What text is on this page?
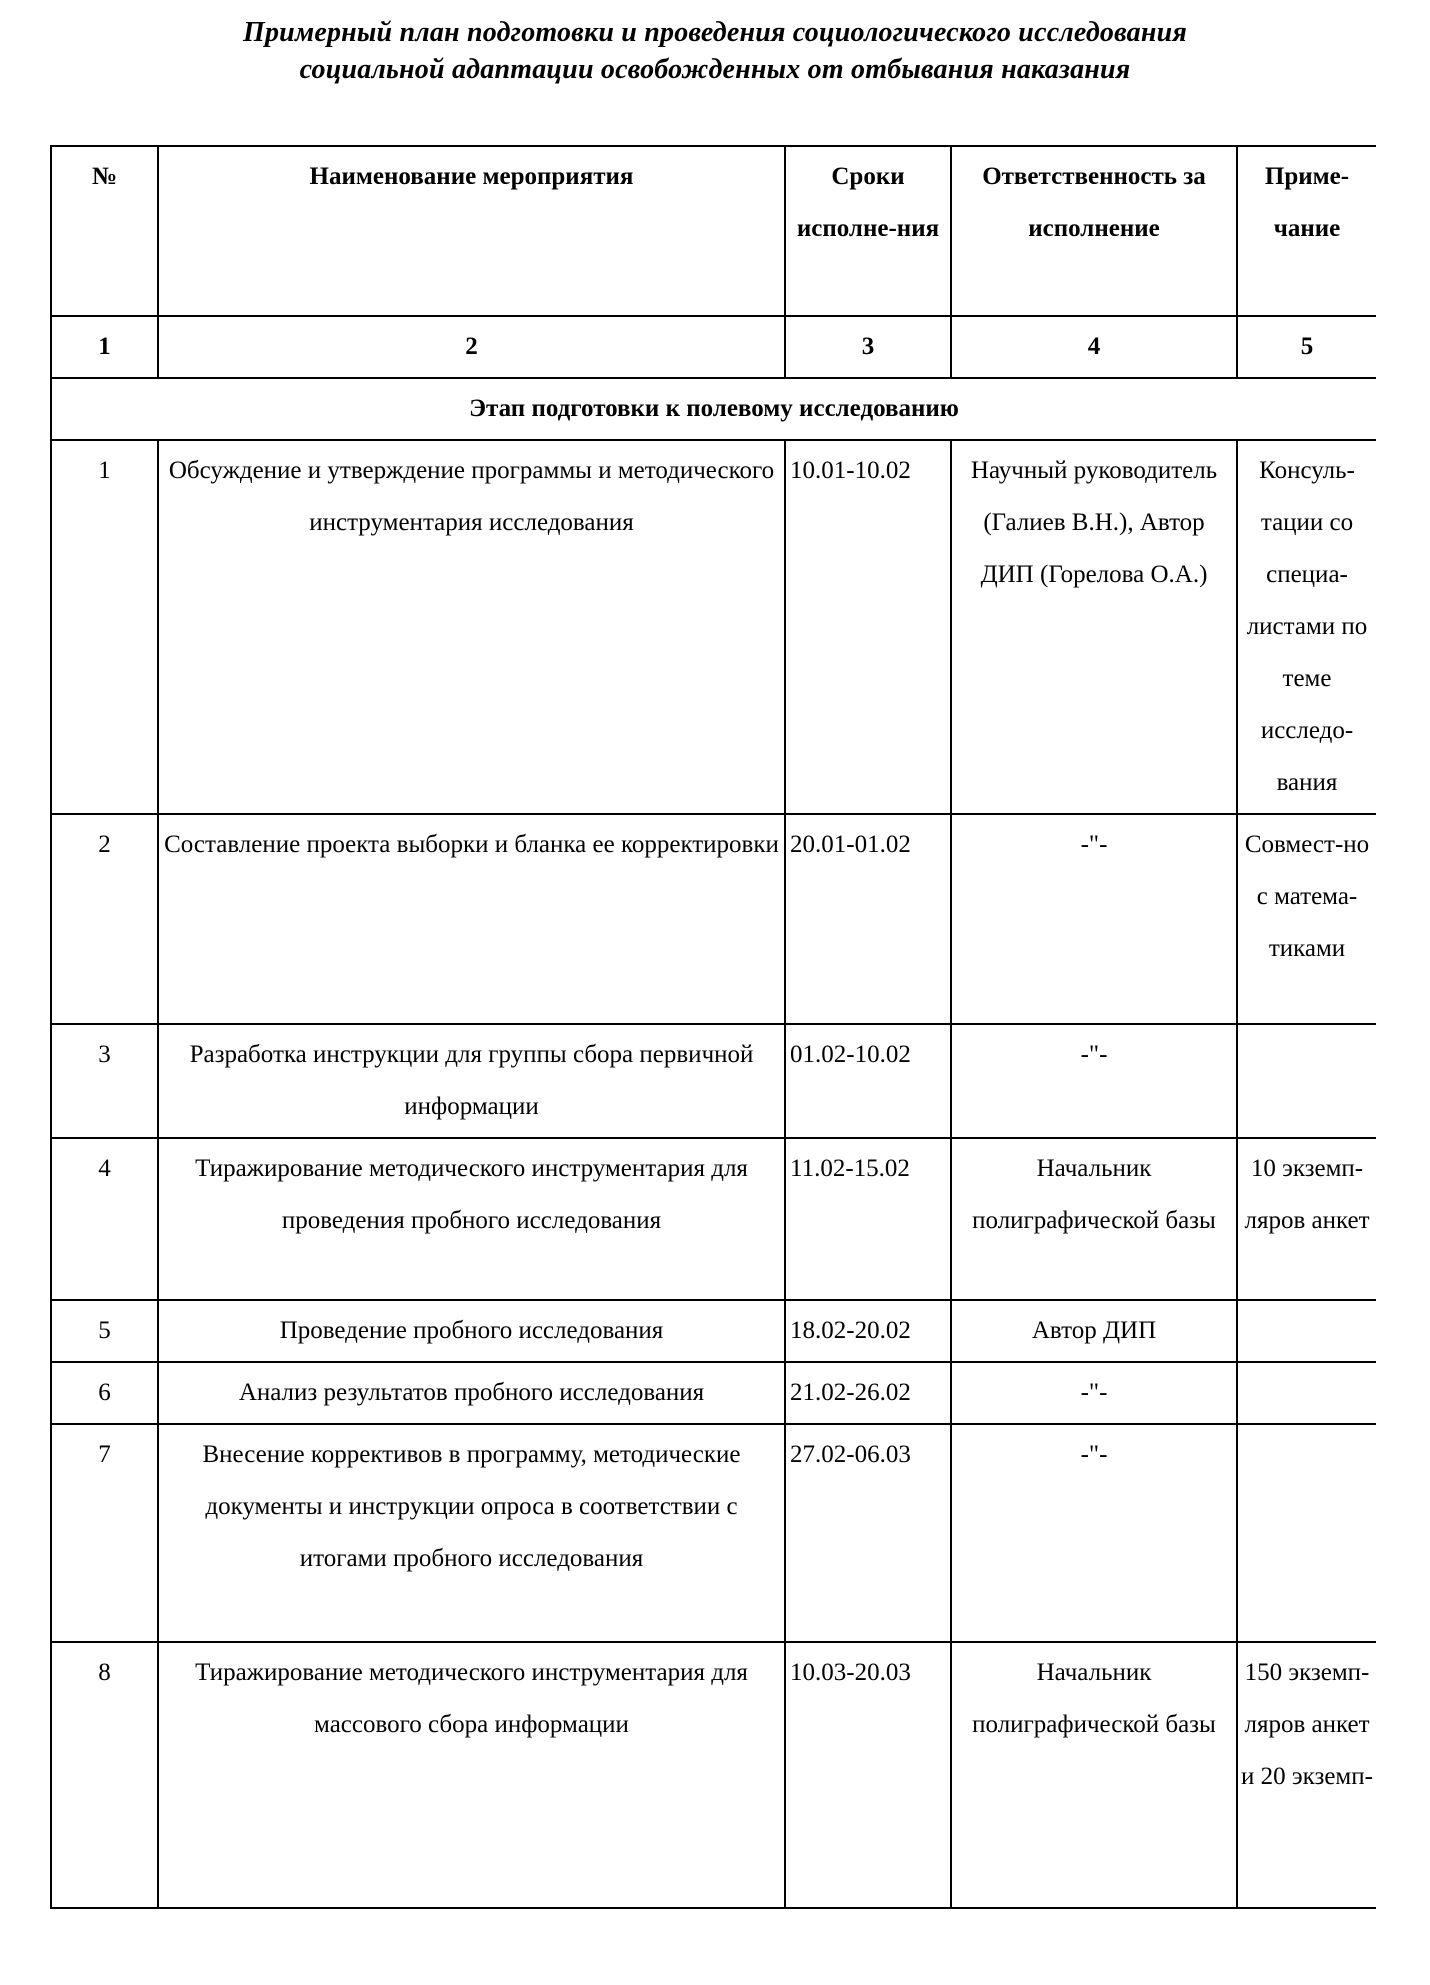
Примерный план подготовки и проведения социологического исследования
социальной адаптации освобожденных от отбывания наказания
№	Наименование мероприятия	Сроки исполне-ния	Ответственность за исполнение	Приме-чание
1	2	3	4	5
Этап подготовки к полевому исследованию				
1	Обсуждение и утверждение программы и методического инструментария исследования	10.01-10.02	Научный руководитель (Галиев В.Н.), Автор ДИП (Горелова О.А.)	Консуль-тации со специа-листами по теме исследо-вания
2	Составление проекта выборки и бланка ее корректировки	20.01-01.02	-"-	Совмест-но с матема-тиками
3	Разработка инструкции для группы сбора первичной информации	01.02-10.02	-"-	
4	Тиражирование методического инструментария для проведения пробного исследования	11.02-15.02	Начальник полиграфической базы	10 экземп-ляров анкет
5	Проведение пробного исследования	18.02-20.02	Автор ДИП	
6	Анализ результатов пробного исследования	21.02-26.02	-"-	
7	Внесение коррективов в программу, методические документы и инструкции опроса в соответствии с итогами пробного исследования	27.02-06.03	-"-	
8	Тиражирование методического инструментария для массового сбора информации	10.03-20.03	Начальник полиграфической базы	150 экземп-ляров анкет и 20 экземп-
